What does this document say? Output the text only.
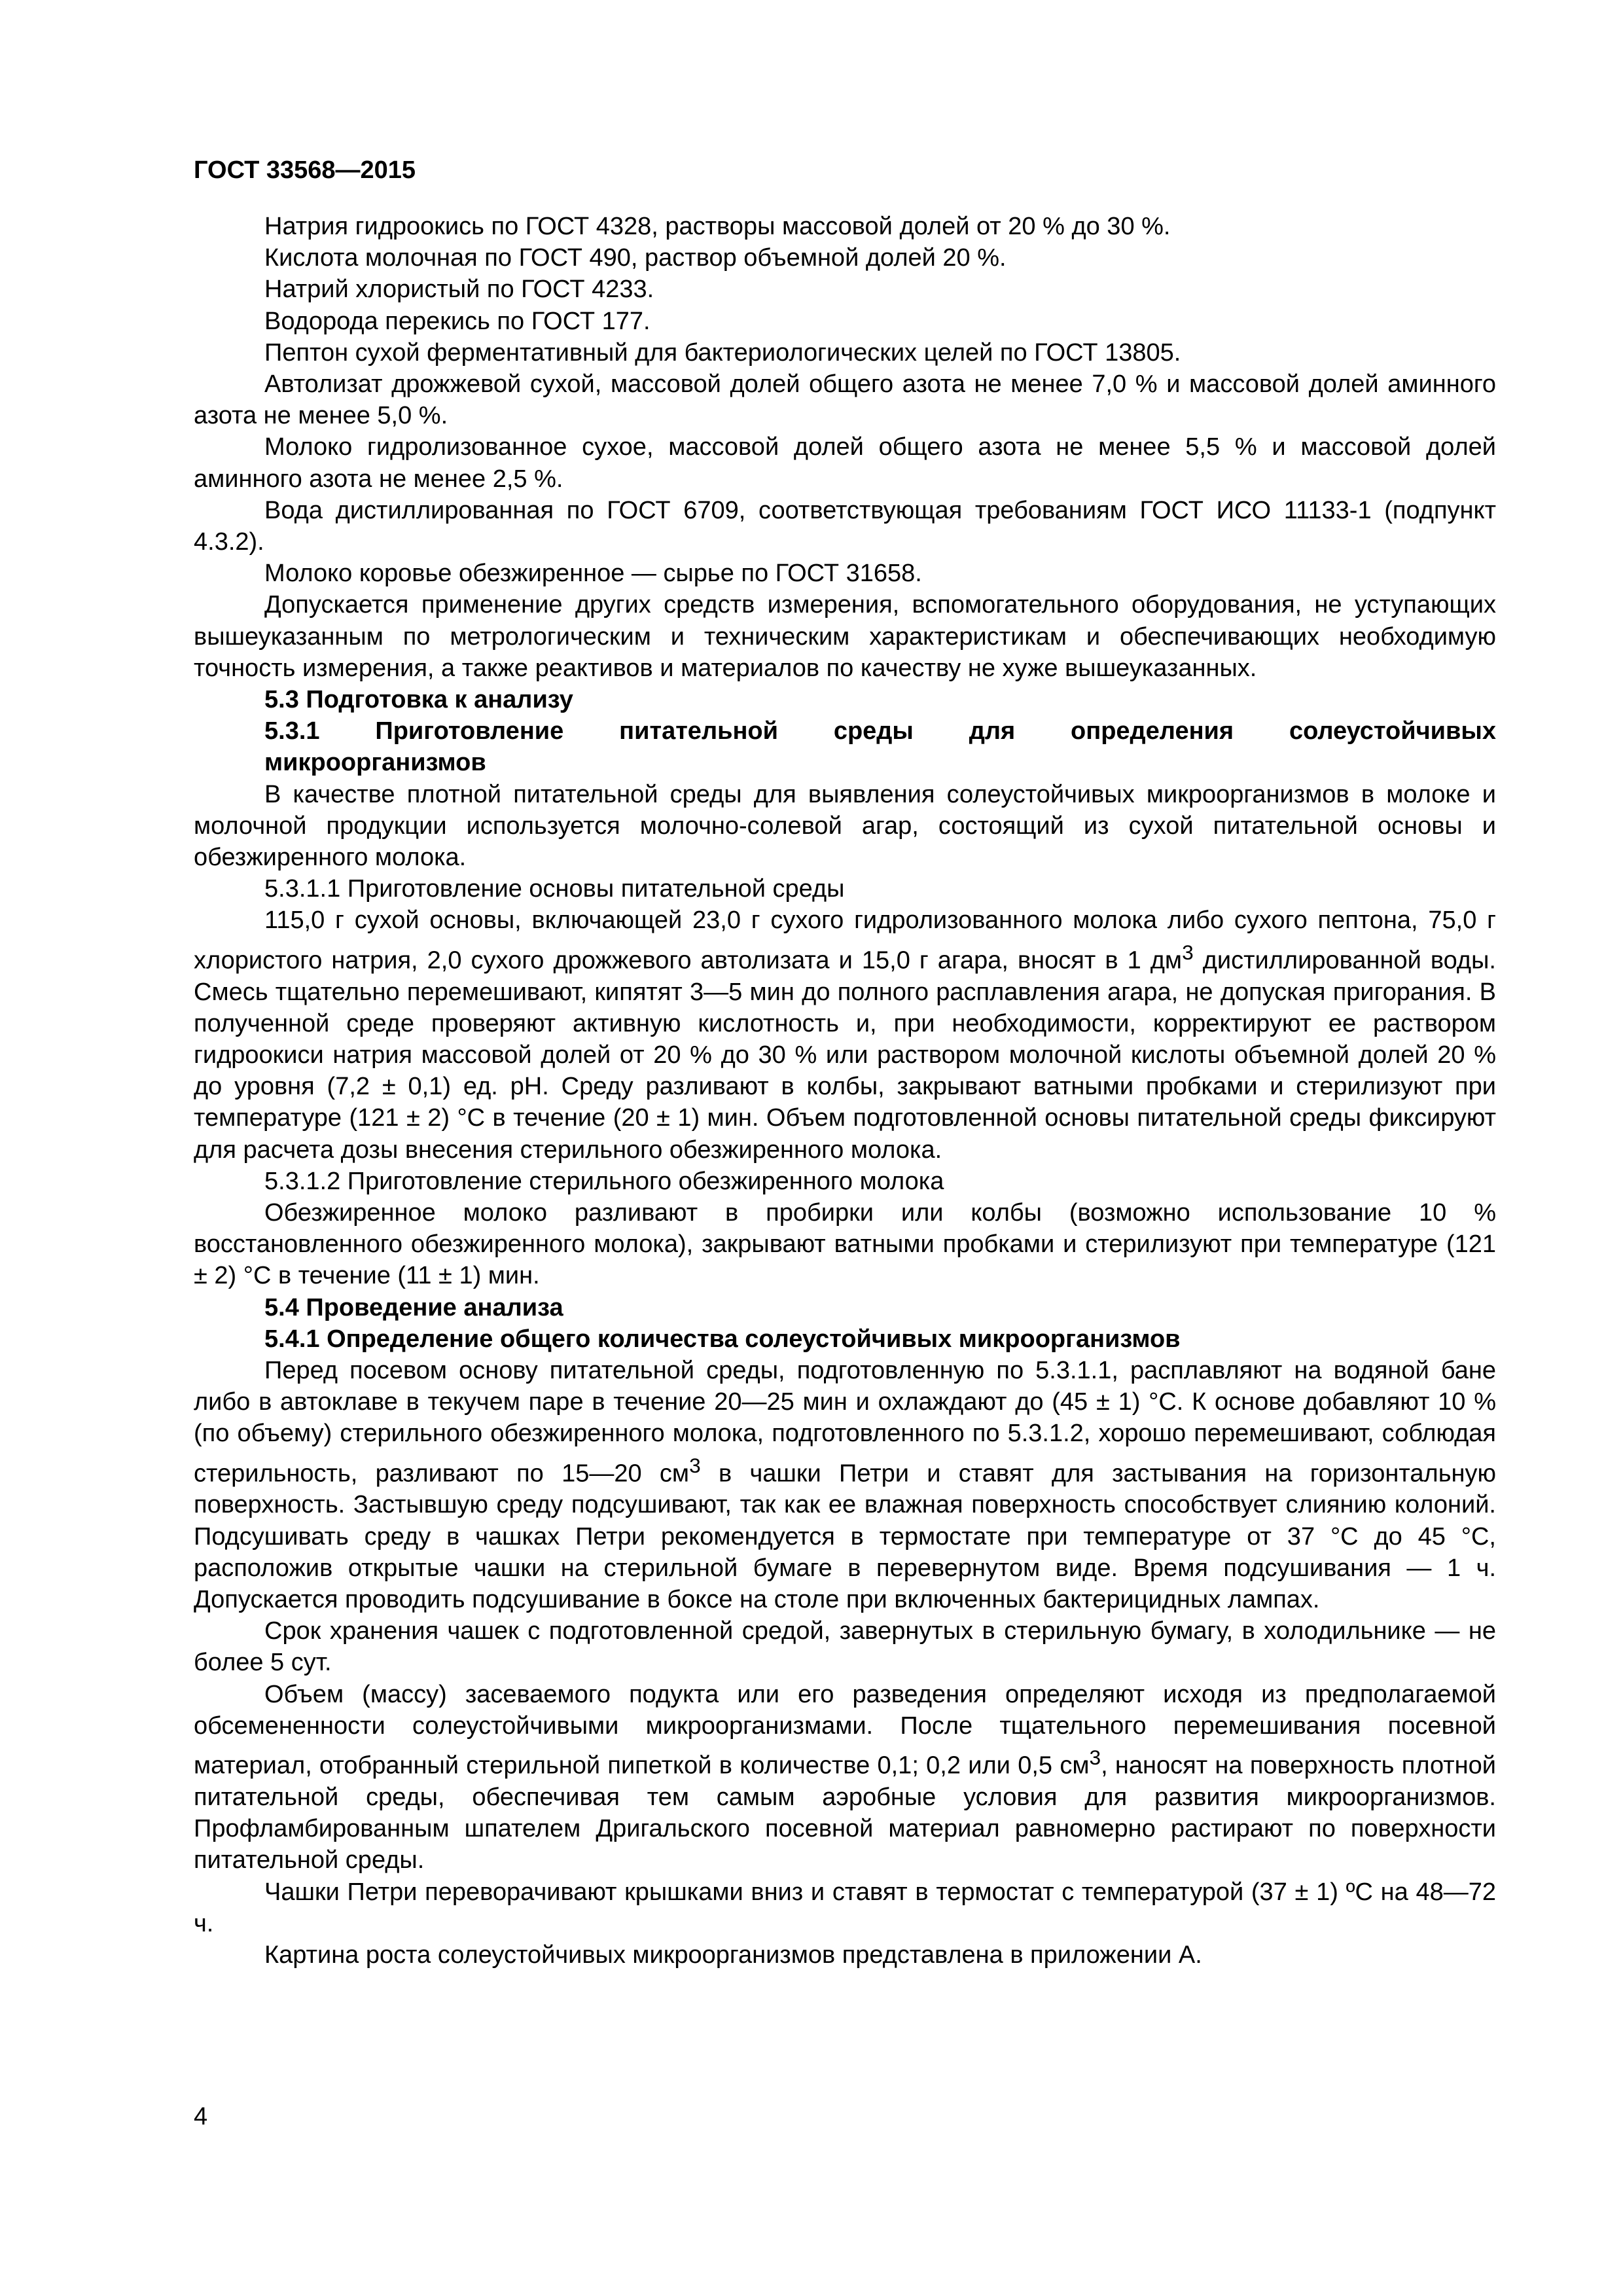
ГОСТ 33568—2015

Натрия гидроокись по ГОСТ 4328, растворы массовой долей от 20 % до 30 %.

Кислота молочная по ГОСТ 490, раствор объемной долей 20 %.

Натрий хлористый по ГОСТ 4233.

Водорода перекись по ГОСТ 177.

Пептон сухой ферментативный для бактериологических целей по ГОСТ 13805.

Автолизат дрожжевой сухой, массовой долей общего азота не менее 7,0 % и массовой долей аминного азота не менее 5,0 %.

Молоко гидролизованное сухое, массовой долей общего азота не менее 5,5 % и массовой долей аминного азота не менее 2,5 %.

Вода дистиллированная по ГОСТ 6709, соответствующая требованиям ГОСТ ИСО 11133-1 (подпункт 4.3.2).

Молоко коровье обезжиренное — сырье по ГОСТ 31658.

Допускается применение других средств измерения, вспомогательного оборудования, не уступающих вышеуказанным по метрологическим и техническим характеристикам и обеспечивающих необходимую точность измерения, а также реактивов и материалов по качеству не хуже вышеуказанных.

5.3 Подготовка к анализу

5.3.1 Приготовление питательной среды для определения солеустойчивых

микроорганизмов

В качестве плотной питательной среды для выявления солеустойчивых микроорганизмов в молоке и молочной продукции используется молочно-солевой агар, состоящий из сухой питательной основы и обезжиренного молока.

5.3.1.1 Приготовление основы питательной среды

115,0 г сухой основы, включающей 23,0 г сухого гидролизованного молока либо сухого пептона, 75,0 г хлористого натрия, 2,0 сухого дрожжевого автолизата и 15,0 г агара, вносят в 1 $дм^3$ дистиллированной воды. Смесь тщательно перемешивают, кипятят 3—5 мин до полного расплавления агара, не допуская пригорания. В полученной среде проверяют активную кислотность и, при необходимости, корректируют ее раствором гидроокиси натрия массовой долей от 20 % до 30 % или раствором молочной кислоты объемной долей 20 % до уровня (7,2 ± 0,1) ед. pH. Среду разливают в колбы, закрывают ватными пробками и стерилизуют при температуре (121 ± 2) °С в течение (20 ± 1) мин. Объем подготовленной основы питательной среды фиксируют для расчета дозы внесения стерильного обезжиренного молока.

5.3.1.2 Приготовление стерильного обезжиренного молока

Обезжиренное молоко разливают в пробирки или колбы (возможно использование 10 % восстановленного обезжиренного молока), закрывают ватными пробками и стерилизуют при температуре (121 ± 2) °С в течение (11 ± 1) мин.

5.4 Проведение анализа

5.4.1 Определение общего количества солеустойчивых микроорганизмов

Перед посевом основу питательной среды, подготовленную по 5.3.1.1, расплавляют на водяной бане либо в автоклаве в текучем паре в течение 20—25 мин и охлаждают до (45 ± 1) °С. К основе добавляют 10 % (по объему) стерильного обезжиренного молока, подготовленного по 5.3.1.2, хорошо перемешивают, соблюдая стерильность, разливают по 15—20 $см^3$ в чашки Петри и ставят для застывания на горизонтальную поверхность. Застывшую среду подсушивают, так как ее влажная поверхность способствует слиянию колоний. Подсушивать среду в чашках Петри рекомендуется в термостате при температуре от 37 °С до 45 °С, расположив открытые чашки на стерильной бумаге в перевернутом виде. Время подсушивания — 1 ч. Допускается проводить подсушивание в боксе на столе при включенных бактерицидных лампах.

Срок хранения чашек с подготовленной средой, завернутых в стерильную бумагу, в холодильнике — не более 5 сут.

Объем (массу) засеваемого подукта или его разведения определяют исходя из предполагаемой обсемененности солеустойчивыми микроорганизмами. После тщательного перемешивания посевной материал, отобранный стерильной пипеткой в количестве 0,1; 0,2 или 0,5 $см^3$, наносят на поверхность плотной питательной среды, обеспечивая тем самым аэробные условия для развития микроорганизмов. Профламбированным шпателем Дригальского посевной материал равномерно растирают по поверхности питательной среды.

Чашки Петри переворачивают крышками вниз и ставят в термостат с температурой (37 ± 1) ºС на 48—72 ч.

Картина роста солеустойчивых микроорганизмов представлена в приложении А.

4
